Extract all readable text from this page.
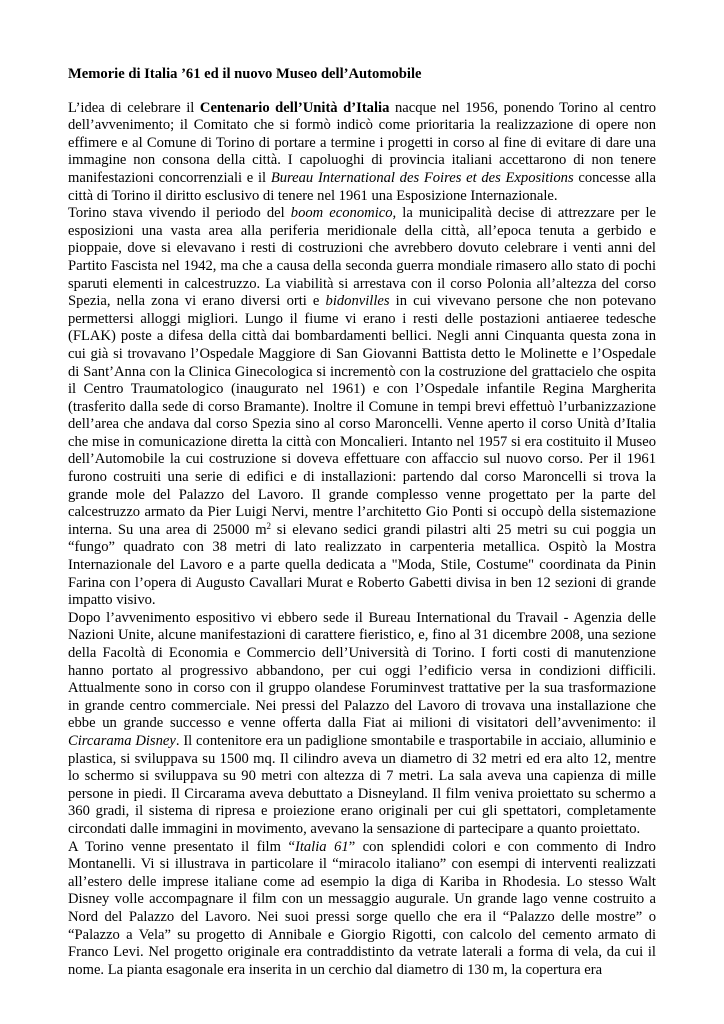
Memorie di Italia ’61 ed il nuovo Museo dell’Automobile

L’idea di celebrare il Centenario dell’Unità d’Italia nacque nel 1956, ponendo Torino al centro dell’avvenimento; il Comitato che si formò indicò come prioritaria la realizzazione di opere non effimere e al Comune di Torino di portare a termine i progetti in corso al fine di evitare di dare una immagine non consona della città. I capoluoghi di provincia italiani accettarono di non tenere manifestazioni concorrenziali e il Bureau International des Foires et des Expositions concesse alla città di Torino il diritto esclusivo di tenere nel 1961 una Esposizione Internazionale.

Torino stava vivendo il periodo del boom economico, la municipalità decise di attrezzare per le esposizioni una vasta area alla periferia meridionale della città, all’epoca tenuta a gerbido e pioppaie, dove si elevavano i resti di costruzioni che avrebbero dovuto celebrare i venti anni del Partito Fascista nel 1942, ma che a causa della seconda guerra mondiale rimasero allo stato di pochi sparuti elementi in calcestruzzo. La viabilità si arrestava con il corso Polonia all’altezza del corso Spezia, nella zona vi erano diversi orti e bidonvilles in cui vivevano persone che non potevano permettersi alloggi migliori. Lungo il fiume vi erano i resti delle postazioni antiaeree tedesche (FLAK) poste a difesa della città dai bombardamenti bellici. Negli anni Cinquanta questa zona in cui già si trovavano l’Ospedale Maggiore di San Giovanni Battista detto le Molinette e l’Ospedale di Sant’Anna con la Clinica Ginecologica si incrementò con la costruzione del grattacielo che ospita il Centro Traumatologico (inaugurato nel 1961) e con l’Ospedale infantile Regina Margherita (trasferito dalla sede di corso Bramante). Inoltre il Comune in tempi brevi effettuò l’urbanizzazione dell’area che andava dal corso Spezia sino al corso Maroncelli. Venne aperto il corso Unità d’Italia che mise in comunicazione diretta la città con Moncalieri. Intanto nel 1957 si era costituito il Museo dell’Automobile la cui costruzione si doveva effettuare con affaccio sul nuovo corso. Per il 1961 furono costruiti una serie di edifici e di installazioni: partendo dal corso Maroncelli si trova la grande mole del Palazzo del Lavoro. Il grande complesso venne progettato per la parte del calcestruzzo armato da Pier Luigi Nervi, mentre l’architetto Gio Ponti si occupò della sistemazione interna. Su una area di 25000 $m^2$ si elevano sedici grandi pilastri alti 25 metri su cui poggia un “fungo” quadrato con 38 metri di lato realizzato in carpenteria metallica. Ospitò la Mostra Internazionale del Lavoro e a parte quella dedicata a "Moda, Stile, Costume" coordinata da Pinin Farina con l’opera di Augusto Cavallari Murat e Roberto Gabetti divisa in ben 12 sezioni di grande impatto visivo.

Dopo l’avvenimento espositivo vi ebbero sede il Bureau International du Travail - Agenzia delle Nazioni Unite, alcune manifestazioni di carattere fieristico, e, fino al 31 dicembre 2008, una sezione della Facoltà di Economia e Commercio dell’Università di Torino. I forti costi di manutenzione hanno portato al progressivo abbandono, per cui oggi l’edificio versa in condizioni difficili. Attualmente sono in corso con il gruppo olandese Foruminvest trattative per la sua trasformazione in grande centro commerciale. Nei pressi del Palazzo del Lavoro di trovava una installazione che ebbe un grande successo e venne offerta dalla Fiat ai milioni di visitatori dell’avvenimento: il Circarama Disney. Il contenitore era un padiglione smontabile e trasportabile in acciaio, alluminio e plastica, si sviluppava su 1500 mq. Il cilindro aveva un diametro di 32 metri ed era alto 12, mentre lo schermo si sviluppava su 90 metri con altezza di 7 metri. La sala aveva una capienza di mille persone in piedi. Il Circarama aveva debuttato a Disneyland. Il film veniva proiettato su schermo a 360 gradi, il sistema di ripresa e proiezione erano originali per cui gli spettatori, completamente circondati dalle immagini in movimento, avevano la sensazione di partecipare a quanto proiettato.

A Torino venne presentato il film “Italia 61” con splendidi colori e con commento di Indro Montanelli. Vi si illustrava in particolare il “miracolo italiano” con esempi di interventi realizzati all’estero delle imprese italiane come ad esempio la diga di Kariba in Rhodesia. Lo stesso Walt Disney volle accompagnare il film con un messaggio augurale. Un grande lago venne costruito a Nord del Palazzo del Lavoro. Nei suoi pressi sorge quello che era il “Palazzo delle mostre” o “Palazzo a Vela” su progetto di Annibale e Giorgio Rigotti, con calcolo del cemento armato di Franco Levi. Nel progetto originale era contraddistinto da vetrate laterali a forma di vela, da cui il nome. La pianta esagonale era inserita in un cerchio dal diametro di 130 m, la copertura era
